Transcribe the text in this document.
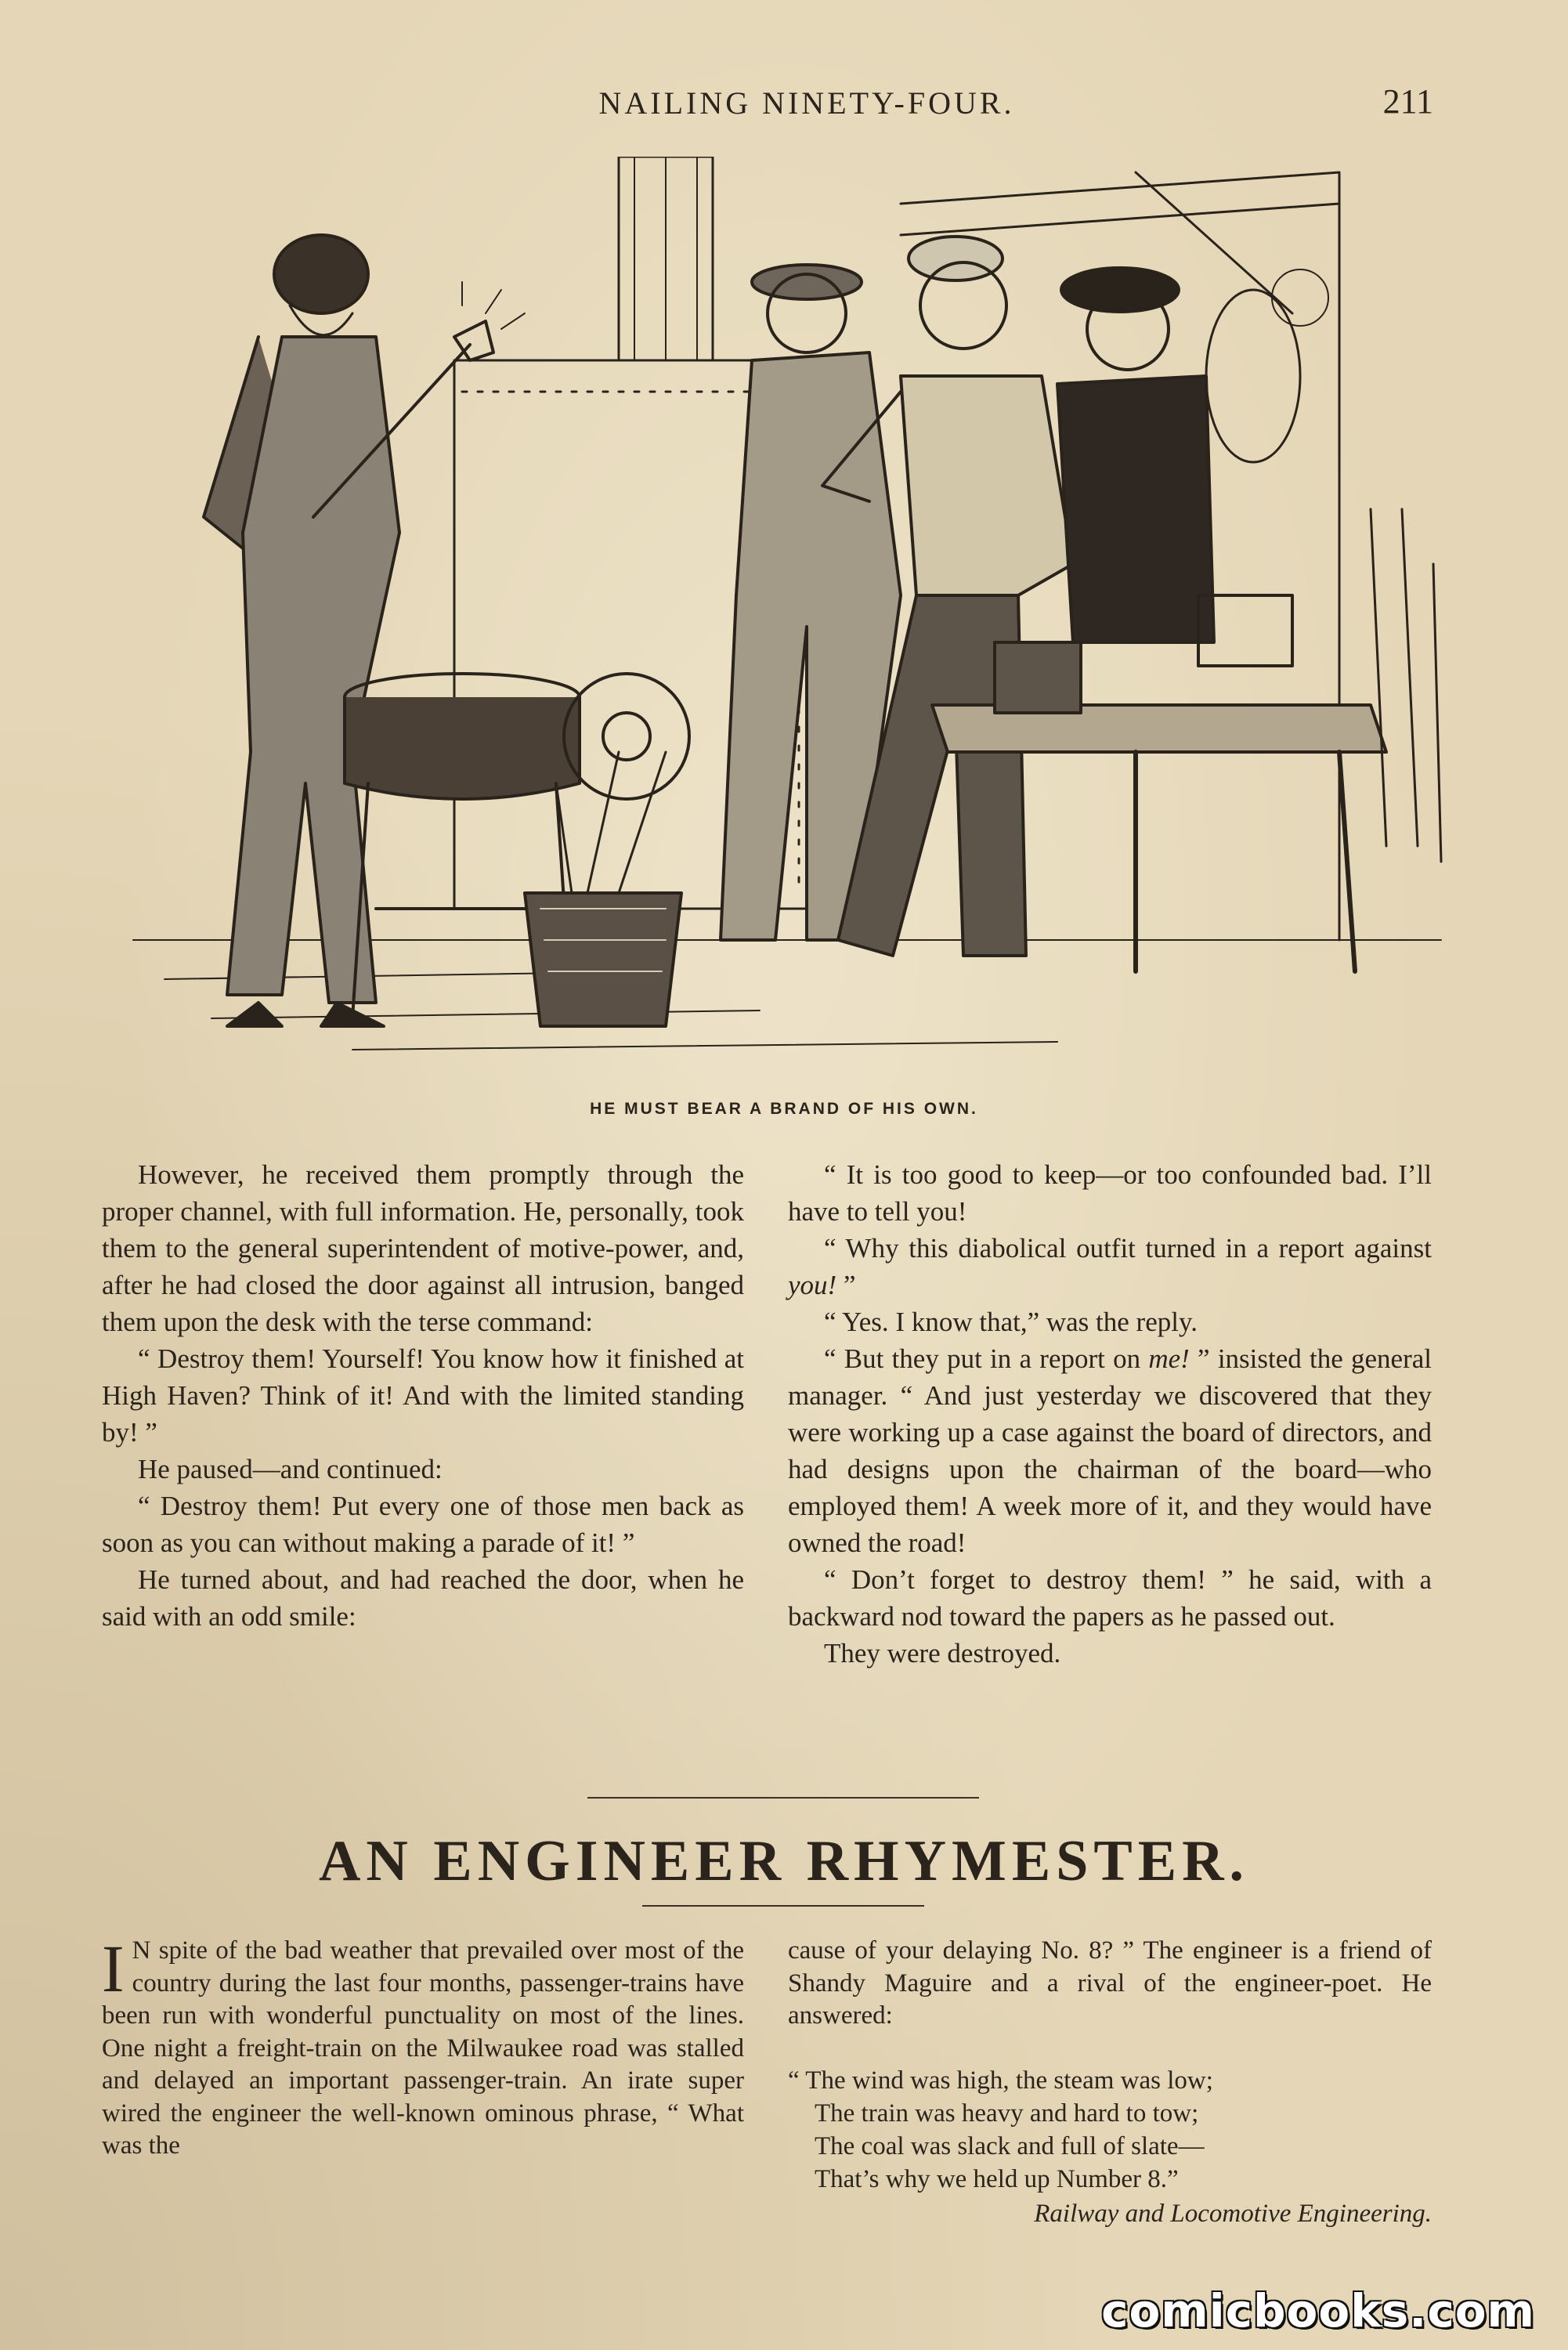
NAILING NINETY-FOUR.	211
HE MUST BEAR A BRAND OF HIS OWN.

However, he received them promptly through the proper channel, with full information. He, personally, took them to the general superintendent of motive-power, and, after he had closed the door against all intrusion, banged them upon the desk with the terse command:

“ Destroy them! Yourself! You know how it finished at High Haven? Think of it! And with the limited standing by! ”

He paused—and continued:

“ Destroy them! Put every one of those men back as soon as you can without making a parade of it! ”

He turned about, and had reached the door, when he said with an odd smile:

“ It is too good to keep—or too confounded bad. I’ll have to tell you!

“ Why this diabolical outfit turned in a report against you! ”

“ Yes. I know that,” was the reply.

“ But they put in a report on me! ” insisted the general manager. “ And just yesterday we discovered that they were working up a case against the board of directors, and had designs upon the chairman of the board—who employed them! A week more of it, and they would have owned the road!

“ Don’t forget to destroy them! ” he said, with a backward nod toward the papers as he passed out.

They were destroyed.

AN ENGINEER RHYMESTER.
I N spite of the bad weather that prevailed over most of the country during the last four months, passenger-trains have been run with wonderful punctuality on most of the lines. One night a freight-train on the Milwaukee road was stalled and delayed an important passenger-train. An irate super wired the engineer the well-known ominous phrase, “ What was the
cause of your delaying No. 8? ” The engineer is a friend of Shandy Maguire and a rival of the engineer-poet. He answered:
“ The wind was high, the steam was low;
The train was heavy and hard to tow;
The coal was slack and full of slate—
That’s why we held up Number 8.”
Railway and Locomotive Engineering.
comicbooks.com
